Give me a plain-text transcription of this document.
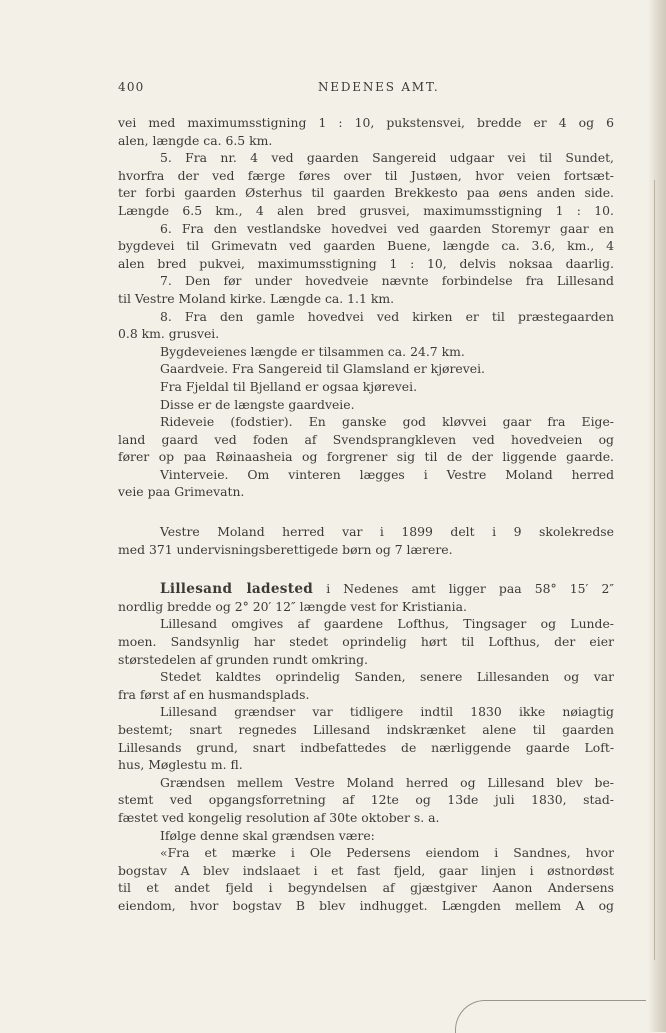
400	NEDENES AMT.
vei med maximumsstigning 1 : 10, pukstensvei, bredde er 4 og 6
alen, længde ca. 6.5 km.
5. Fra nr. 4 ved gaarden Sangereid udgaar vei til Sundet,
hvorfra der ved færge føres over til Justøen, hvor veien fortsæt-
ter forbi gaarden Østerhus til gaarden Brekkesto paa øens anden side.
Længde 6.5 km., 4 alen bred grusvei, maximumsstigning 1 : 10.
6. Fra den vestlandske hovedvei ved gaarden Storemyr gaar en
bygdevei til Grimevatn ved gaarden Buene, længde ca. 3.6, km., 4
alen bred pukvei, maximumsstigning 1 : 10, delvis noksaa daarlig.
7. Den før under hovedveie nævnte forbindelse fra Lillesand
til Vestre Moland kirke. Længde ca. 1.1 km.
8. Fra den gamle hovedvei ved kirken er til præstegaarden
0.8 km. grusvei.
Bygdeveienes længde er tilsammen ca. 24.7 km.
Gaardveie. Fra Sangereid til Glamsland er kjørevei.
Fra Fjeldal til Bjelland er ogsaa kjørevei.
Disse er de længste gaardveie.
Rideveie (fodstier). En ganske god kløvvei gaar fra Eige-
land gaard ved foden af Svendsprangkleven ved hovedveien og
fører op paa Røinaasheia og forgrener sig til de der liggende gaarde.
Vinterveie. Om vinteren lægges i Vestre Moland herred
veie paa Grimevatn.
Vestre Moland herred var i 1899 delt i 9 skolekredse
med 371 undervisningsberettigede børn og 7 lærere.
Lillesand ladested i Nedenes amt ligger paa 58° 15′ 2″
nordlig bredde og 2° 20′ 12″ længde vest for Kristiania.
Lillesand omgives af gaardene Lofthus, Tingsager og Lunde-
moen. Sandsynlig har stedet oprindelig hørt til Lofthus, der eier
størstedelen af grunden rundt omkring.
Stedet kaldtes oprindelig Sanden, senere Lillesanden og var
fra først af en husmandsplads.
Lillesand grændser var tidligere indtil 1830 ikke nøiagtig
bestemt; snart regnedes Lillesand indskrænket alene til gaarden
Lillesands grund, snart indbefattedes de nærliggende gaarde Loft-
hus, Møglestu m. fl.
Grændsen mellem Vestre Moland herred og Lillesand blev be-
stemt ved opgangsforretning af 12te og 13de juli 1830, stad-
fæstet ved kongelig resolution af 30te oktober s. a.
Ifølge denne skal grændsen være:
«Fra et mærke i Ole Pedersens eiendom i Sandnes, hvor
bogstav A blev indslaaet i et fast fjeld, gaar linjen i østnordøst
til et andet fjeld i begyndelsen af gjæstgiver Aanon Andersens
eiendom, hvor bogstav B blev indhugget. Længden mellem A og
